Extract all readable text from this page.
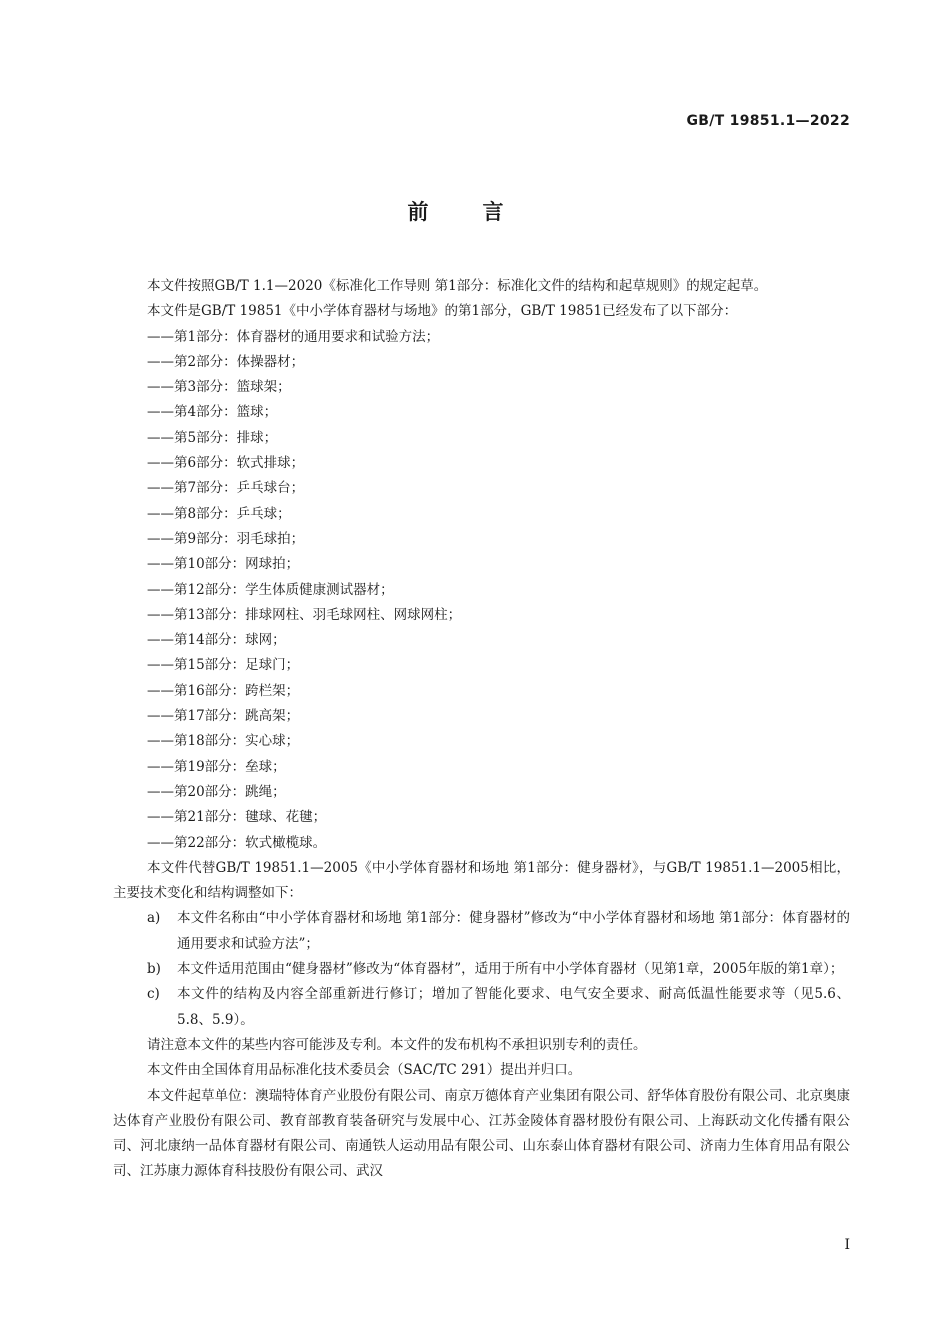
GB/T 19851.1—2022
前言

本文件按照GB/T 1.1—2020《标准化工作导则 第1部分：标准化文件的结构和起草规则》的规定起草。

本文件是GB/T 19851《中小学体育器材与场地》的第1部分，GB/T 19851已经发布了以下部分：

——第1部分：体育器材的通用要求和试验方法；

——第2部分：体操器材；

——第3部分：篮球架；

——第4部分：篮球；

——第5部分：排球；

——第6部分：软式排球；

——第7部分：乒乓球台；

——第8部分：乒乓球；

——第9部分：羽毛球拍；

——第10部分：网球拍；

——第12部分：学生体质健康测试器材；

——第13部分：排球网柱、羽毛球网柱、网球网柱；

——第14部分：球网；

——第15部分：足球门；

——第16部分：跨栏架；

——第17部分：跳高架；

——第18部分：实心球；

——第19部分：垒球；

——第20部分：跳绳；

——第21部分：毽球、花毽；

——第22部分：软式橄榄球。

本文件代替GB/T 19851.1—2005《中小学体育器材和场地 第1部分：健身器材》，与GB/T 19851.1—2005相比，主要技术变化和结构调整如下：

a) 本文件名称由“中小学体育器材和场地 第1部分：健身器材”修改为“中小学体育器材和场地 第1部分：体育器材的通用要求和试验方法”；
b) 本文件适用范围由“健身器材”修改为“体育器材”，适用于所有中小学体育器材（见第1章，2005年版的第1章）；
c) 本文件的结构及内容全部重新进行修订；增加了智能化要求、电气安全要求、耐高低温性能要求等（见5.6、5.8、5.9）。

请注意本文件的某些内容可能涉及专利。本文件的发布机构不承担识别专利的责任。

本文件由全国体育用品标准化技术委员会（SAC/TC 291）提出并归口。

本文件起草单位：澳瑞特体育产业股份有限公司、南京万德体育产业集团有限公司、舒华体育股份有限公司、北京奥康达体育产业股份有限公司、教育部教育装备研究与发展中心、江苏金陵体育器材股份有限公司、上海跃动文化传播有限公司、河北康纳一品体育器材有限公司、南通铁人运动用品有限公司、山东泰山体育器材有限公司、济南力生体育用品有限公司、江苏康力源体育科技股份有限公司、武汉

I
